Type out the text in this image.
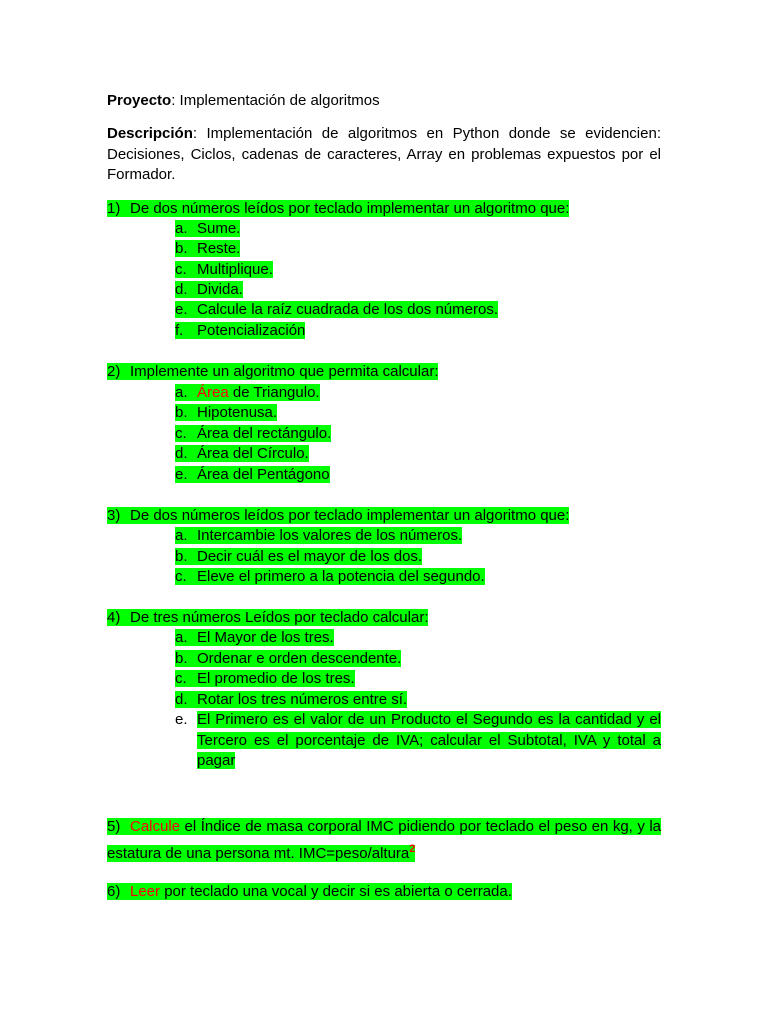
Proyecto: Implementación de algoritmos
Descripción: Implementación de algoritmos en Python donde se evidencien: Decisiones, Ciclos, cadenas de caracteres, Array en problemas expuestos por el Formador.
1) De dos números leídos por teclado implementar un algoritmo que:
a. Sume.
b. Reste.
c. Multiplique.
d. Divida.
e. Calcule la raíz cuadrada de los dos números.
f. Potencialización
2) Implemente un algoritmo que permita calcular:
a. Área de Triangulo.
b. Hipotenusa.
c. Área del rectángulo.
d. Área del Círculo.
e. Área del Pentágono
3) De dos números leídos por teclado implementar un algoritmo que:
a. Intercambie los valores de los números.
b. Decir cuál es el mayor de los dos.
c. Eleve el primero a la potencia del segundo.
4) De tres números Leídos por teclado calcular:
a. El Mayor de los tres.
b. Ordenar e orden descendente.
c. El promedio de los tres.
d. Rotar los tres números entre sí.
e. El Primero es el valor de un Producto el Segundo es la cantidad y el Tercero es el porcentaje de IVA; calcular el Subtotal, IVA y total a pagar
5) Calcule el Índice de masa corporal IMC pidiendo por teclado el peso en kg, y la estatura de una persona mt. IMC=peso/altura$^2$
6) Leer por teclado una vocal y decir si es abierta o cerrada.
